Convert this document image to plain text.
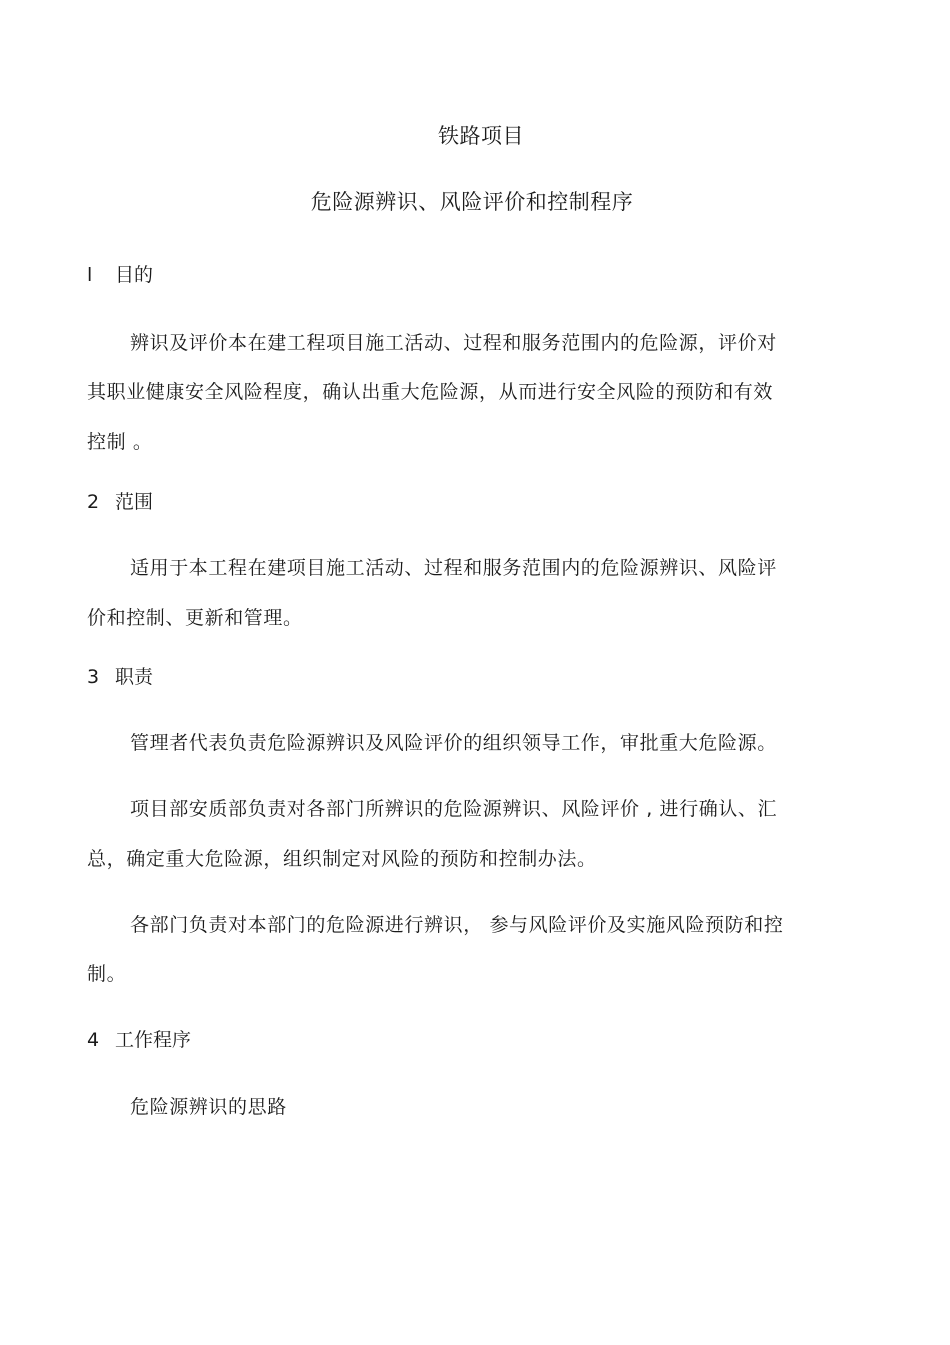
铁路项目
危险源辨识、风险评价和控制程序
l 目的
辨识及评价本在建工程项目施工活动、过程和服务范围内的危险源，评价对
其职业健康安全风险程度，确认出重大危险源，从而进行安全风险的预防和有效
控制 。
2 范围
适用于本工程在建项目施工活动、过程和服务范围内的危险源辨识、风险评
价和控制、更新和管理。
3 职责
管理者代表负责危险源辨识及风险评价的组织领导工作，审批重大危险源。
项目部安质部负责对各部门所辨识的危险源辨识、风险评价 , 进行确认、汇
总，确定重大危险源，组织制定对风险的预防和控制办法。
各部门负责对本部门的危险源进行辨识， 参与风险评价及实施风险预防和控
制。
4 工作程序
危险源辨识的思路
